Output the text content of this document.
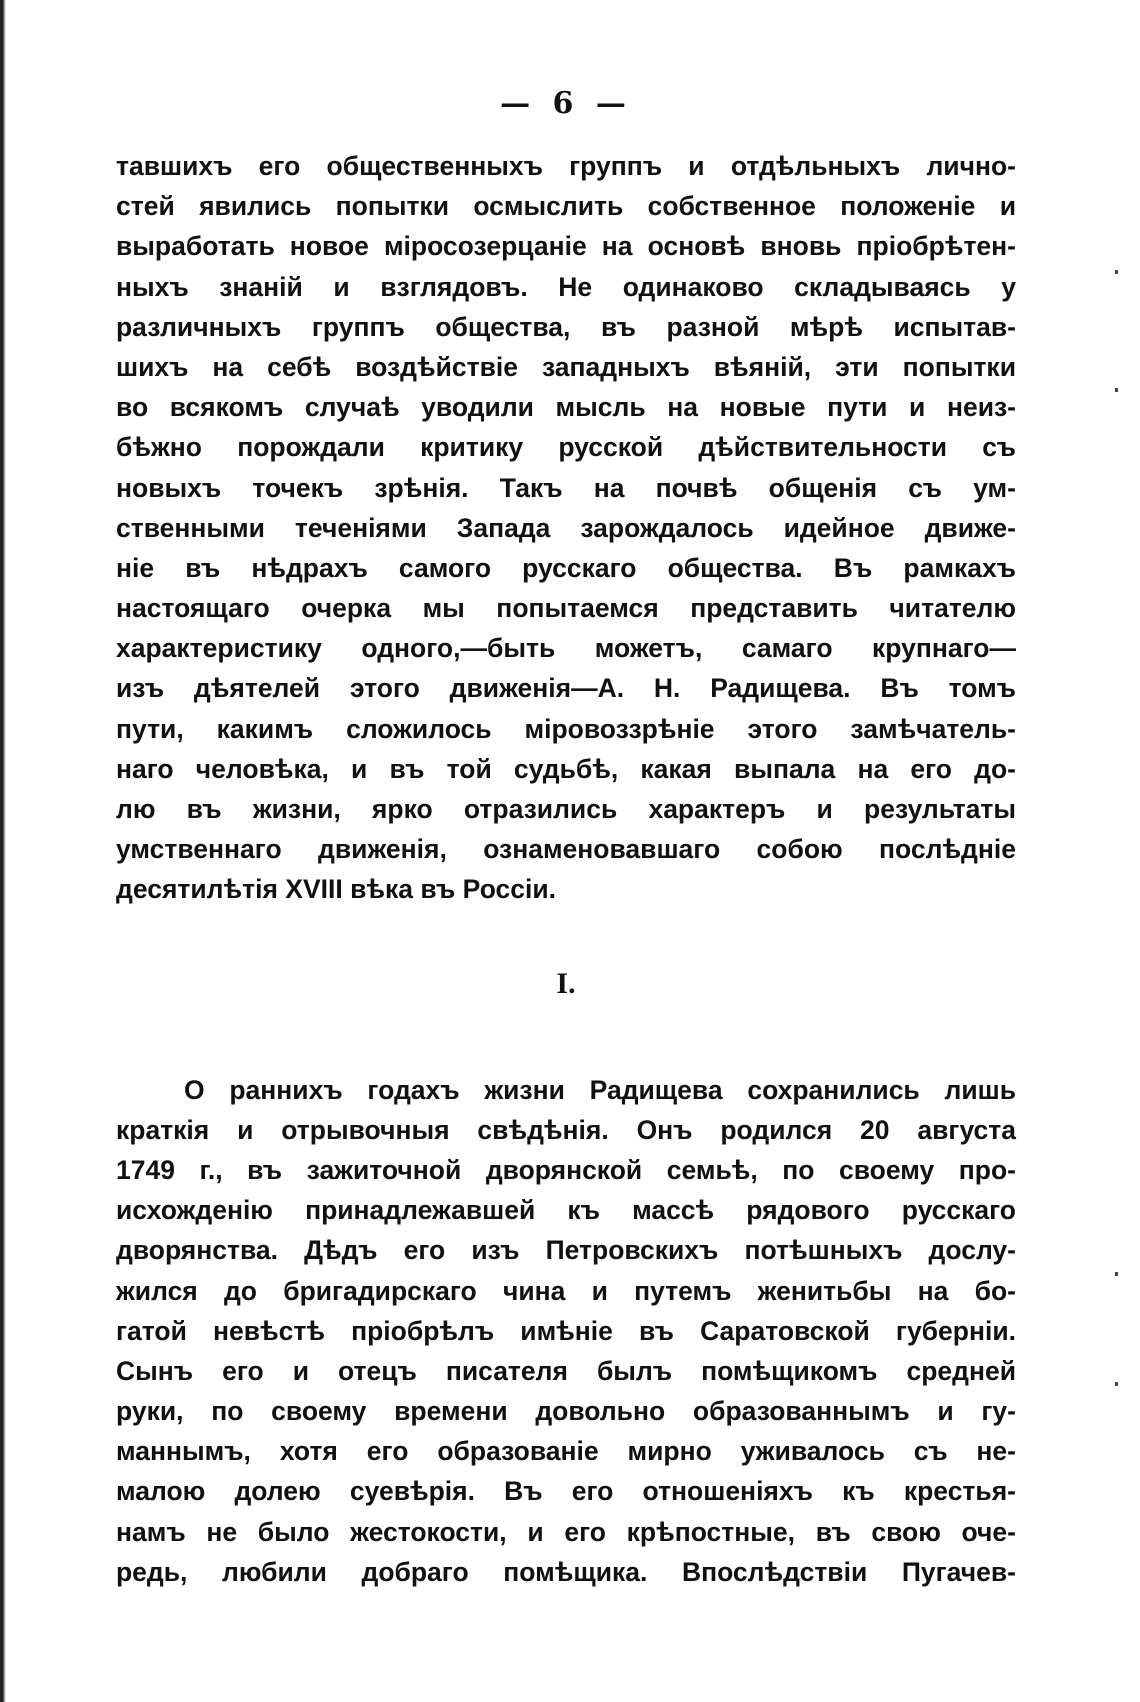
— 6 —
тавшихъ его общественныхъ группъ и отдѣльныхъ лично-
стей явились попытки осмыслить собственное положеніе и
выработать новое міросозерцаніе на основѣ вновь пріобрѣтен-
ныхъ знаній и взглядовъ. Не одинаково складываясь у
различныхъ группъ общества, въ разной мѣрѣ испытав-
шихъ на себѣ воздѣйствіе западныхъ вѣяній, эти попытки
во всякомъ случаѣ уводили мысль на новые пути и неиз-
бѣжно порождали критику русской дѣйствительности съ
новыхъ точекъ зрѣнія. Такъ на почвѣ общенія съ ум-
ственными теченіями Запада зарождалось идейное движе-
ніе въ нѣдрахъ самого русскаго общества. Въ рамкахъ
настоящаго очерка мы попытаемся представить читателю
характеристику одного,—быть можетъ, самаго крупнаго—
изъ дѣятелей этого движенія—А. Н. Радищева. Въ томъ
пути, какимъ сложилось міровоззрѣніе этого замѣчатель-
наго человѣка, и въ той судьбѣ, какая выпала на его до-
лю въ жизни, ярко отразились характеръ и результаты
умственнаго движенія, ознаменовавшаго собою послѣдніе
десятилѣтія XVIII вѣка въ Россіи.
I.
О раннихъ годахъ жизни Радищева сохранились лишь
краткія и отрывочныя свѣдѣнія. Онъ родился 20 августа
1749 г., въ зажиточной дворянской семьѣ, по своему про-
исхожденію принадлежавшей къ массѣ рядового русскаго
дворянства. Дѣдъ его изъ Петровскихъ потѣшныхъ дослу-
жился до бригадирскаго чина и путемъ женитьбы на бо-
гатой невѣстѣ пріобрѣлъ имѣніе въ Саратовской губерніи.
Сынъ его и отецъ писателя былъ помѣщикомъ средней
руки, по своему времени довольно образованнымъ и гу-
маннымъ, хотя его образованіе мирно уживалось съ не-
малою долею суевѣрія. Въ его отношеніяхъ къ крестья-
намъ не было жестокости, и его крѣпостные, въ свою оче-
редь, любили добраго помѣщика. Впослѣдствіи Пугачев-
